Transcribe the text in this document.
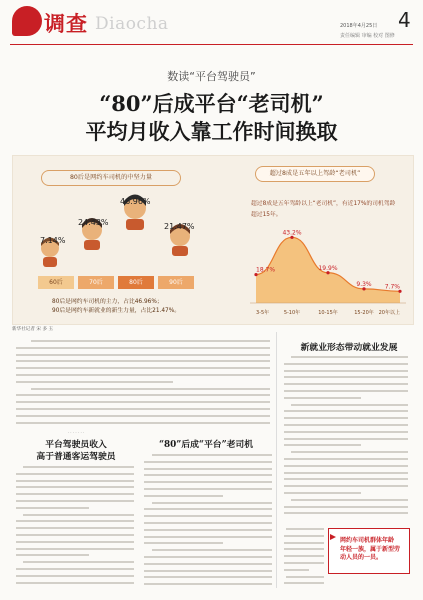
调查 Diaocha	2018年4月25日 4
责任编辑 审编 校对 图修
数读“平台驾驶员”
“80”后成平台“老司机”
平均月收入靠工作时间换取
80后是网约车司机的中坚力量
超过8成是五年以上驾龄“老司机”
7.14%
24.43%
46.96%
21.47%
60后	70后	80后	90后
80后是网约车司机的主力，占比46.96%；
90后是网约车新就业的新生力量，占比21.47%。
超过8成是五年驾龄以上“老司机”，有近17%的司机驾龄
超过15年。
18.7%
3-5年
43.2%
5-10年
19.9%
10-15年
9.3%
15-20年
7.7%
20年以上
新华社记者 宋 多 玉
· · · · · · ·
平台驾驶员收入
高于普通客运驾驶员
“80”后成“平台”老司机
新就业形态带动就业发展
网约车司机群体年龄
年轻一族，属于新型劳
动人员的一员。
